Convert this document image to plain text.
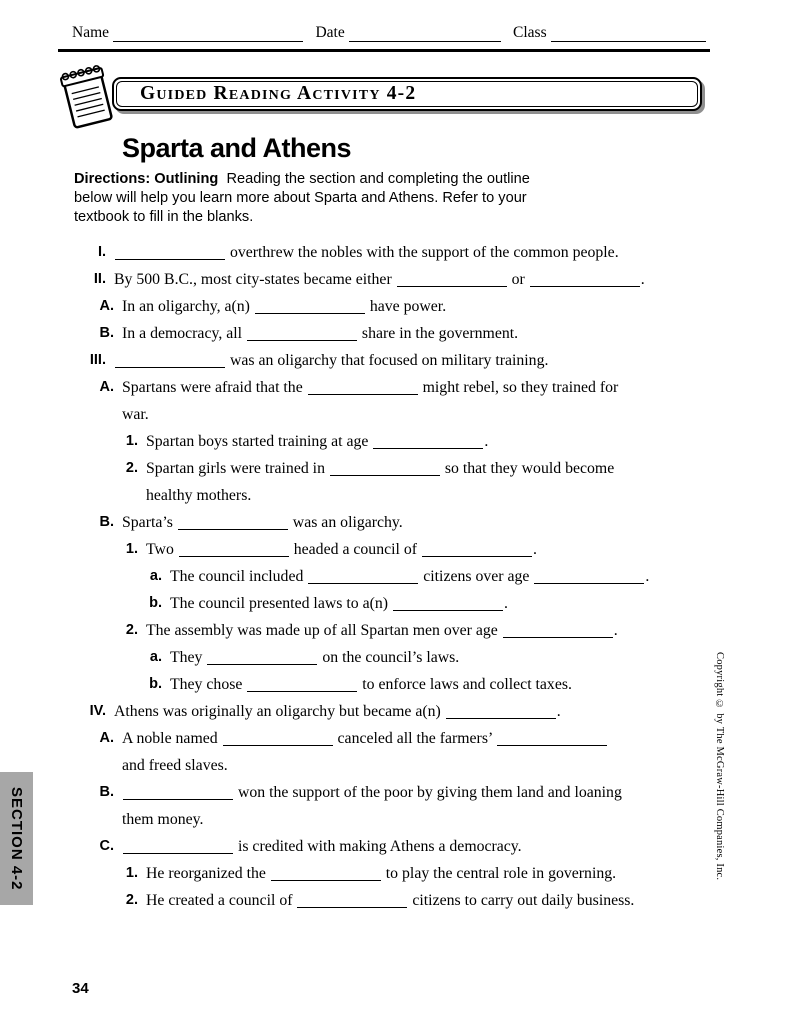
Name	Date	Class
Guided Reading Activity 4-2
Sparta and Athens

Directions: Outlining Reading the section and completing the outline below will help you learn more about Sparta and Athens. Refer to your textbook to fill in the blanks.

I.	overthrew the nobles with the support of the common people.
II. By 500 B.C., most city-states became either	or	.
A. In an oligarchy, a(n)	have power.
B. In a democracy, all	share in the government.
III.	was an oligarchy that focused on military training.
A. Spartans were afraid that the	might rebel, so they trained for
war.
1. Spartan boys started training at age	.
2. Spartan girls were trained in	so that they would become
healthy mothers.
B. Sparta’s	was an oligarchy.
1. Two	headed a council of	.
a. The council included	citizens over age	.
b. The council presented laws to a(n)	.
2. The assembly was made up of all Spartan men over age	.
a. They	on the council’s laws.
b. They chose	to enforce laws and collect taxes.
IV. Athens was originally an oligarchy but became a(n)	.
A. A noble named	canceled all the farmers’
and freed slaves.
B.	won the support of the poor by giving them land and loaning
them money.
C.	is credited with making Athens a democracy.
1. He reorganized the	to play the central role in governing.
2. He created a council of	citizens to carry out daily business.
SECTION 4-2	Copyright © by The McGraw-Hill Companies, Inc.
34
